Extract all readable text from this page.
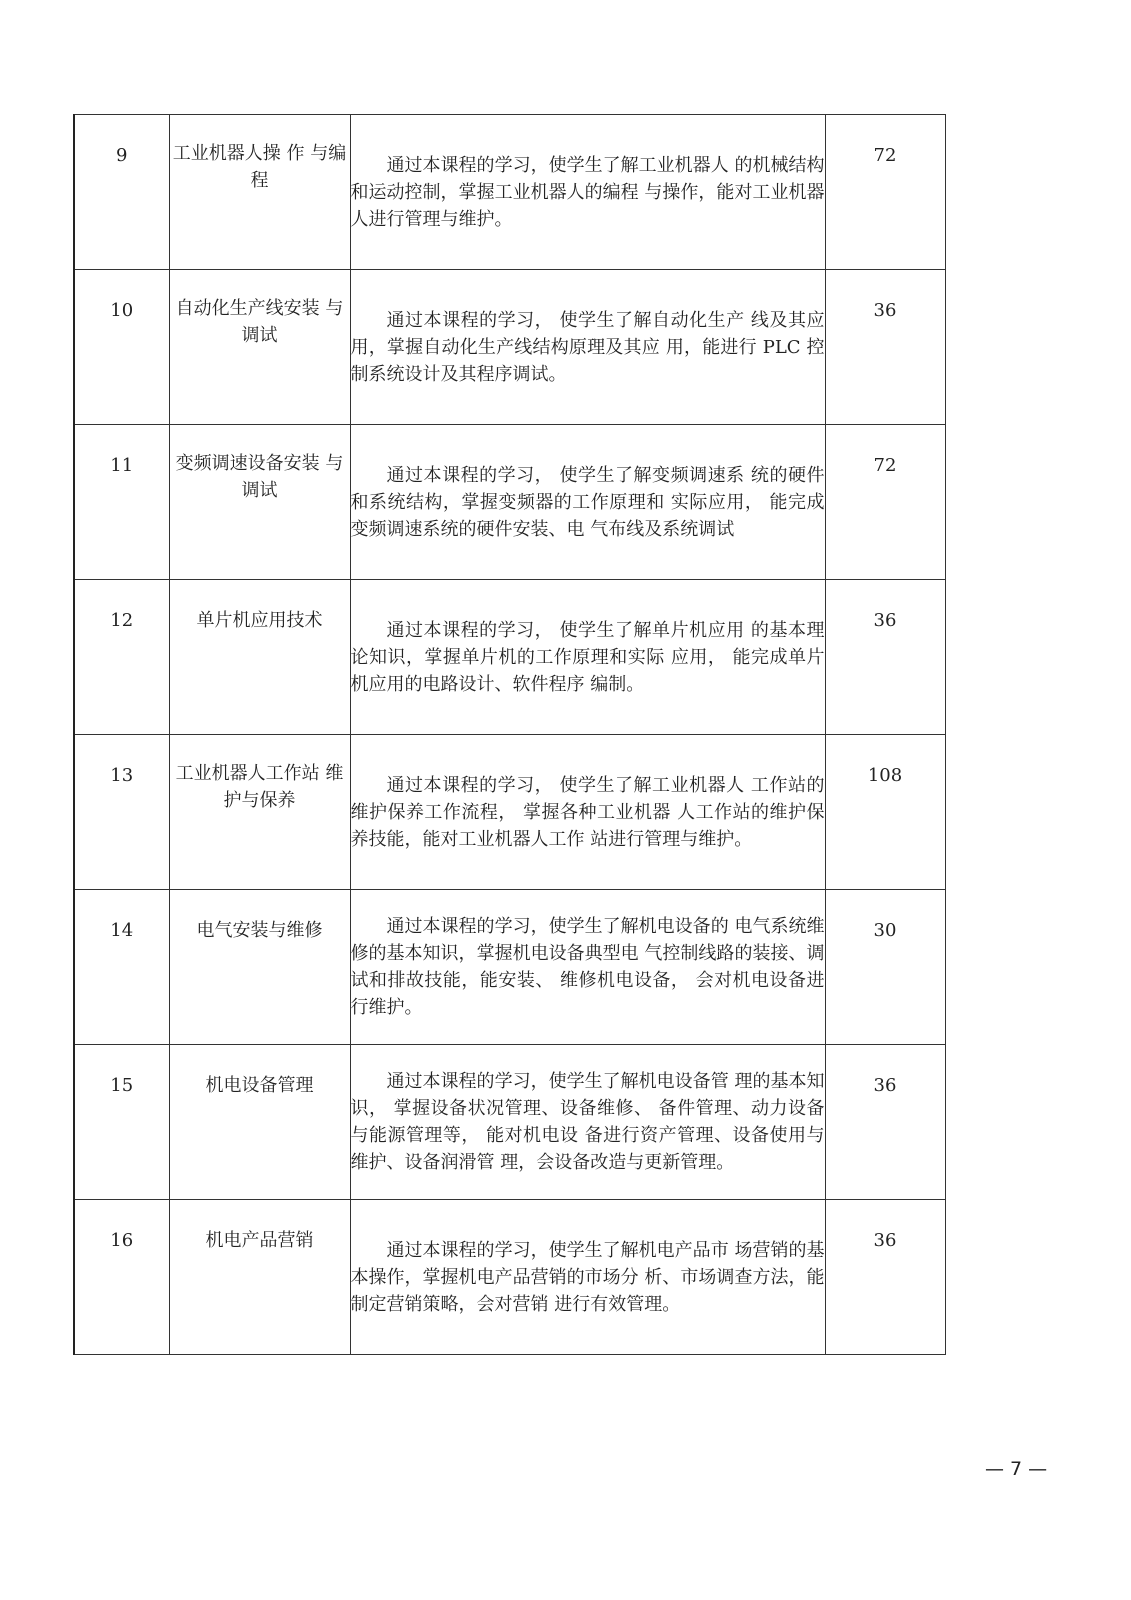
9	工业机器人操 作 与编 程	通过本课程的学习，使学生了解工业机器人 的机械结构和运动控制，掌握工业机器人的编程 与操作，能对工业机器人进行管理与维护。	72

10	自动化生产线安装 与 调试	通过本课程的学习， 使学生了解自动化生产 线及其应用，掌握自动化生产线结构原理及其应 用，能进行 PLC 控制系统设计及其程序调试。	36

11	变频调速设备安装 与 调试	通过本课程的学习， 使学生了解变频调速系 统的硬件和系统结构，掌握变频器的工作原理和 实际应用， 能完成变频调速系统的硬件安装、电 气布线及系统调试	72

12	单片机应用技术	通过本课程的学习， 使学生了解单片机应用 的基本理论知识，掌握单片机的工作原理和实际 应用， 能完成单片机应用的电路设计、软件程序 编制。	36

13	工业机器人工作站 维 护与保养	通过本课程的学习， 使学生了解工业机器人 工作站的维护保养工作流程， 掌握各种工业机器 人工作站的维护保养技能，能对工业机器人工作 站进行管理与维护。	108

14	电气安装与维修	通过本课程的学习，使学生了解机电设备的 电气系统维修的基本知识，掌握机电设备典型电 气控制线路的装接、调试和排故技能，能安装、 维修机电设备， 会对机电设备进行维护。	30

15	机电设备管理	通过本课程的学习，使学生了解机电设备管 理的基本知识， 掌握设备状况管理、设备维修、 备件管理、动力设备与能源管理等， 能对机电设 备进行资产管理、设备使用与维护、设备润滑管 理，会设备改造与更新管理。	36

16	机电产品营销	通过本课程的学习，使学生了解机电产品市 场营销的基本操作，掌握机电产品营销的市场分 析、市场调查方法，能制定营销策略，会对营销 进行有效管理。	36
— 7 —
